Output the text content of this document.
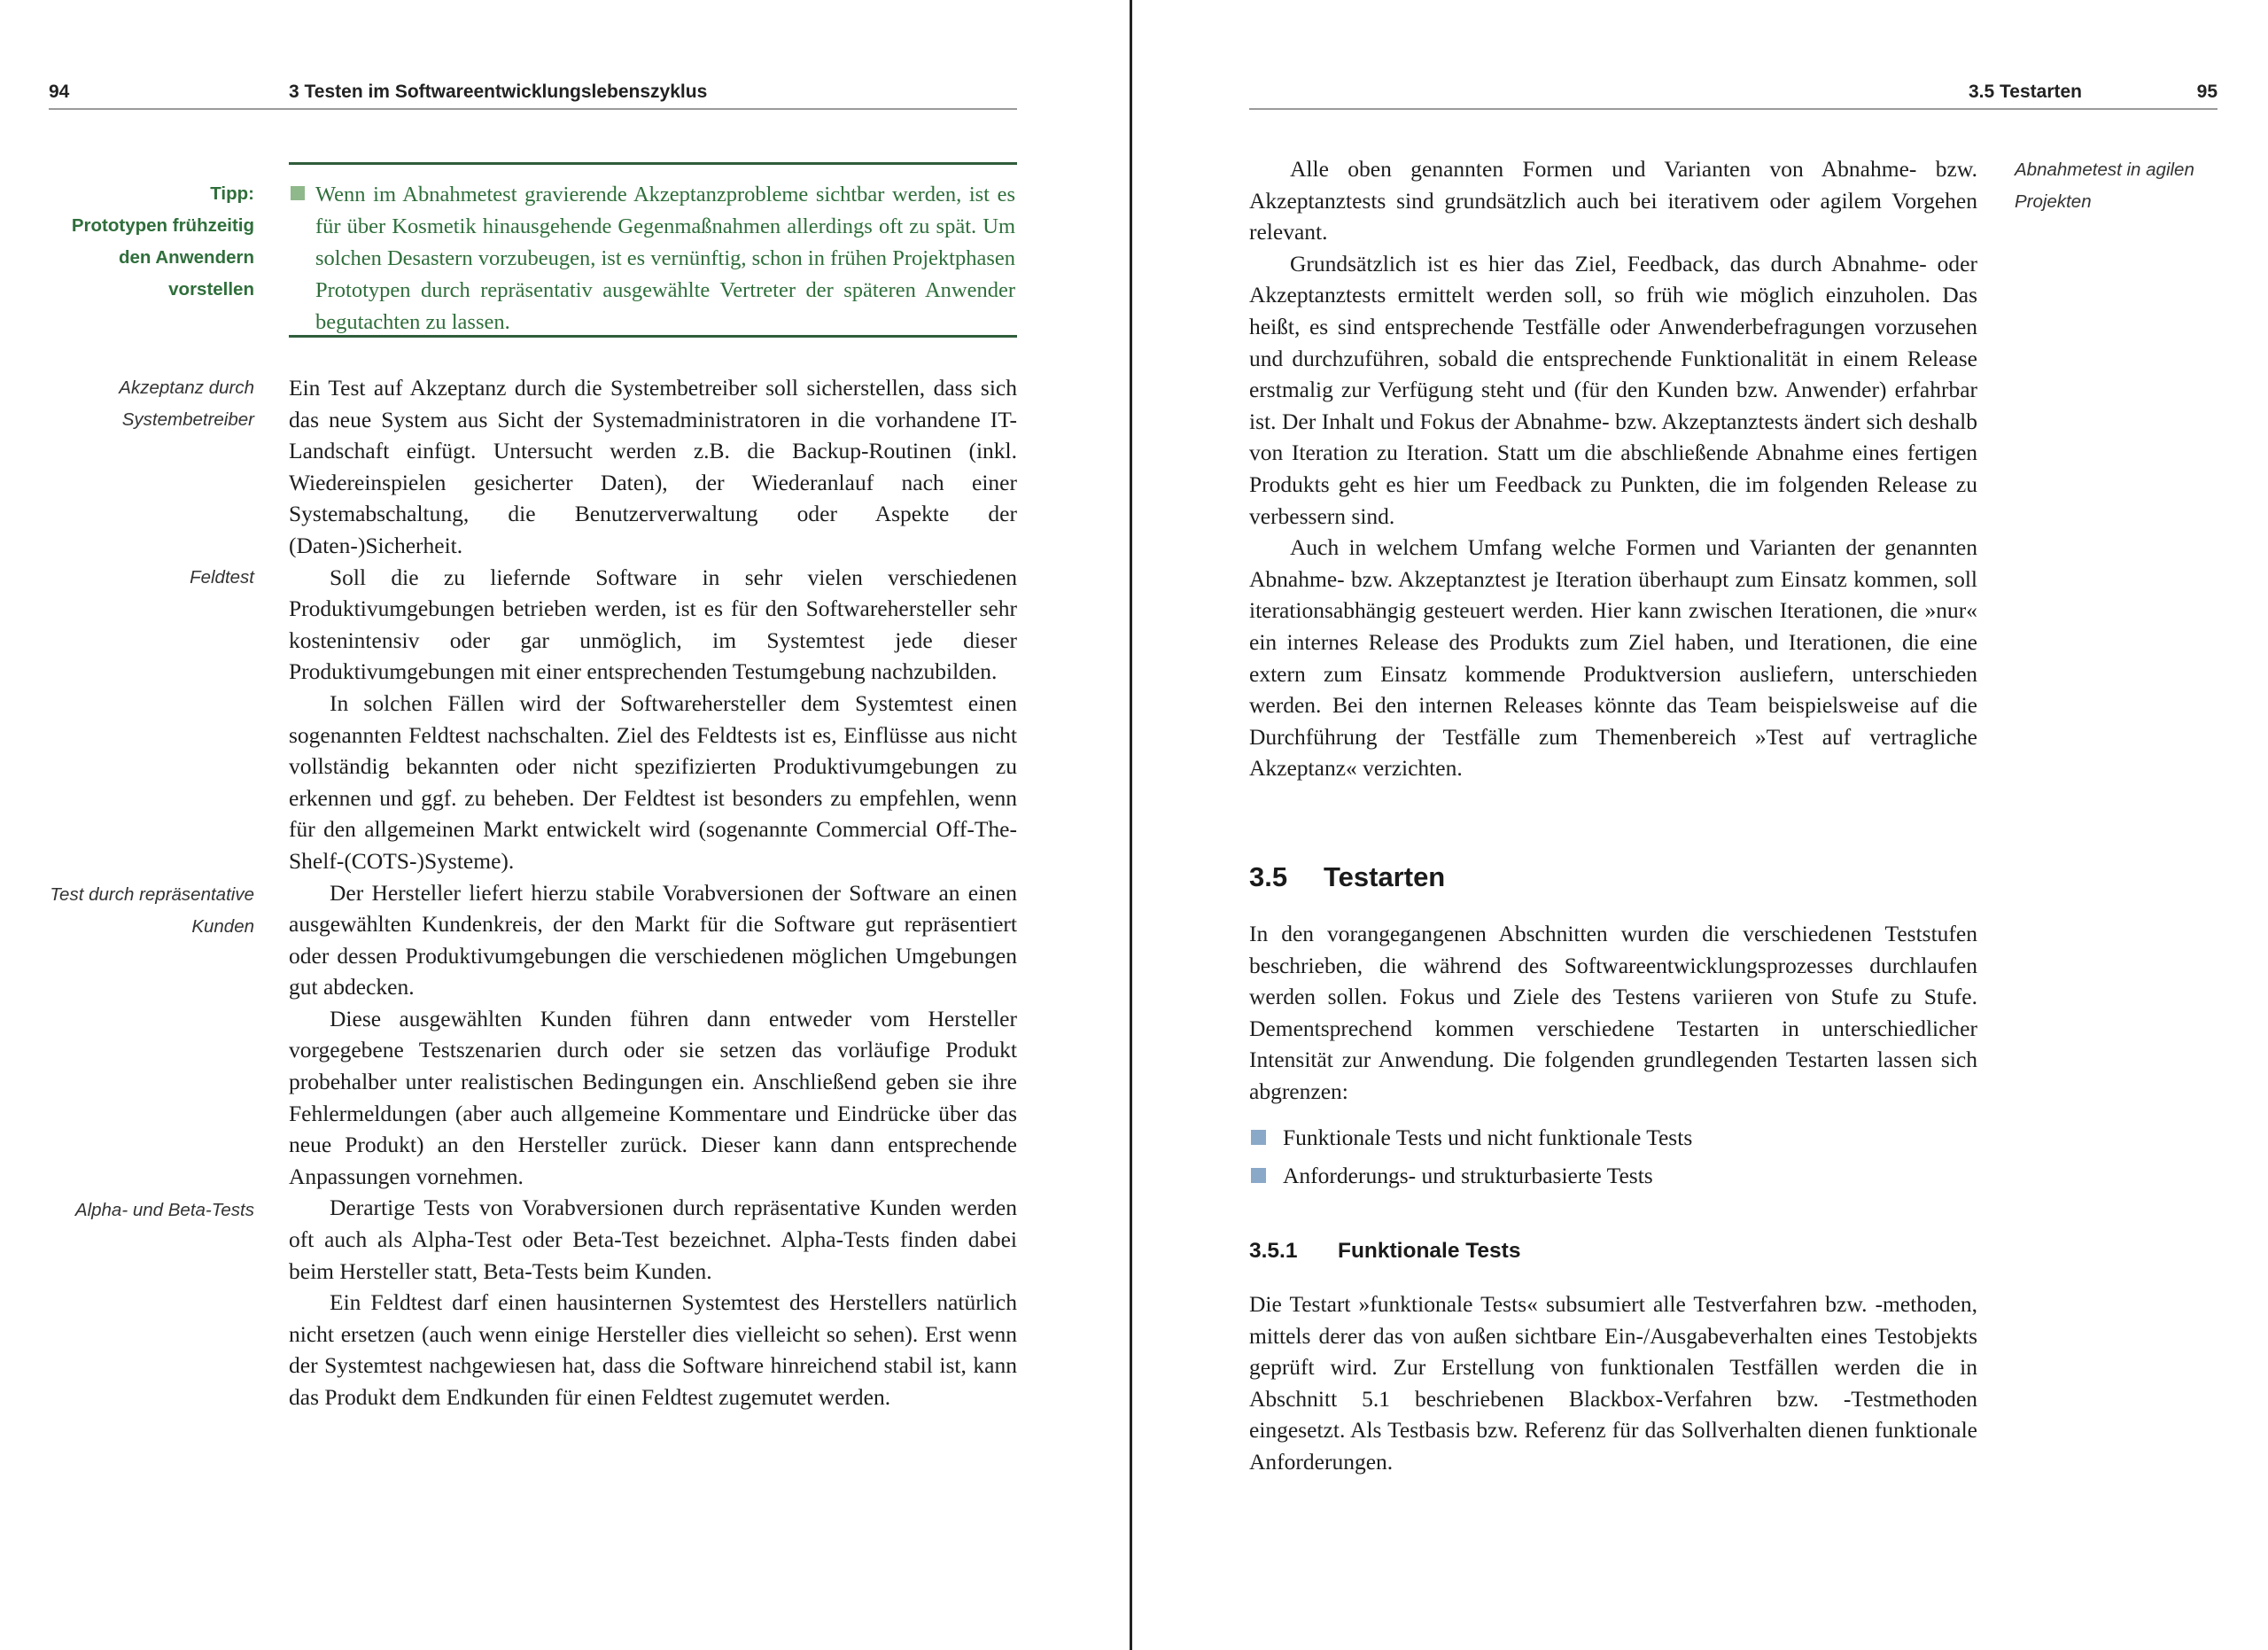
94	3 Testen im Softwareentwicklungslebenszyklus
Tipp:
Prototypen frühzeitig
den Anwendern
vorstellen

Wenn im Abnahmetest gravierende Akzeptanzprobleme sichtbar werden, ist es für über Kosmetik hinausgehende Gegenmaßnahmen allerdings oft zu spät. Um solchen Desastern vorzubeugen, ist es vernünftig, schon in frühen Projektphasen Prototypen durch repräsentativ ausgewählte Vertreter der späteren Anwender begutachten zu lassen.

Akzeptanz durch
Systembetreiber
Feldtest
Test durch repräsentative
Kunden
Alpha- und Beta-Tests

Ein Test auf Akzeptanz durch die Systembetreiber soll sicherstellen, dass sich das neue System aus Sicht der Systemadministratoren in die vorhandene IT-Landschaft einfügt. Untersucht werden z.B. die Backup-Routinen (inkl. Wiedereinspielen gesicherter Daten), der Wiederanlauf nach einer Systemabschaltung, die Benutzerverwaltung oder Aspekte der (Daten-)Sicherheit.

Soll die zu liefernde Software in sehr vielen verschiedenen Produktivumgebungen betrieben werden, ist es für den Softwarehersteller sehr kostenintensiv oder gar unmöglich, im Systemtest jede dieser Produktivumgebungen mit einer entsprechenden Testumgebung nachzubilden.

In solchen Fällen wird der Softwarehersteller dem Systemtest einen sogenannten Feldtest nachschalten. Ziel des Feldtests ist es, Einflüsse aus nicht vollständig bekannten oder nicht spezifizierten Produktivumgebungen zu erkennen und ggf. zu beheben. Der Feldtest ist besonders zu empfehlen, wenn für den allgemeinen Markt entwickelt wird (sogenannte Commercial Off-The-Shelf-(COTS-)Systeme).

Der Hersteller liefert hierzu stabile Vorabversionen der Software an einen ausgewählten Kundenkreis, der den Markt für die Software gut repräsentiert oder dessen Produktivumgebungen die verschiedenen möglichen Umgebungen gut abdecken.

Diese ausgewählten Kunden führen dann entweder vom Hersteller vorgegebene Testszenarien durch oder sie setzen das vorläufige Produkt probehalber unter realistischen Bedingungen ein. Anschließend geben sie ihre Fehlermeldungen (aber auch allgemeine Kommentare und Eindrücke über das neue Produkt) an den Hersteller zurück. Dieser kann dann entsprechende Anpassungen vornehmen.

Derartige Tests von Vorabversionen durch repräsentative Kunden werden oft auch als Alpha-Test oder Beta-Test bezeichnet. Alpha-Tests finden dabei beim Hersteller statt, Beta-Tests beim Kunden.

Ein Feldtest darf einen hausinternen Systemtest des Herstellers natürlich nicht ersetzen (auch wenn einige Hersteller dies vielleicht so sehen). Erst wenn der Systemtest nachgewiesen hat, dass die Software hinreichend stabil ist, kann das Produkt dem Endkunden für einen Feldtest zugemutet werden.

3.5 Testarten	95
Abnahmetest in agilen
Projekten

Alle oben genannten Formen und Varianten von Abnahme- bzw. Akzeptanztests sind grundsätzlich auch bei iterativem oder agilem Vorgehen relevant.

Grundsätzlich ist es hier das Ziel, Feedback, das durch Abnahme- oder Akzeptanztests ermittelt werden soll, so früh wie möglich einzuholen. Das heißt, es sind entsprechende Testfälle oder Anwenderbefragungen vorzusehen und durchzuführen, sobald die entsprechende Funktionalität in einem Release erstmalig zur Verfügung steht und (für den Kunden bzw. Anwender) erfahrbar ist. Der Inhalt und Fokus der Abnahme- bzw. Akzeptanztests ändert sich deshalb von Iteration zu Iteration. Statt um die abschließende Abnahme eines fertigen Produkts geht es hier um Feedback zu Punkten, die im folgenden Release zu verbessern sind.

Auch in welchem Umfang welche Formen und Varianten der genannten Abnahme- bzw. Akzeptanztest je Iteration überhaupt zum Einsatz kommen, soll iterationsabhängig gesteuert werden. Hier kann zwischen Iterationen, die »nur« ein internes Release des Produkts zum Ziel haben, und Iterationen, die eine extern zum Einsatz kommende Produktversion ausliefern, unterschieden werden. Bei den internen Releases könnte das Team beispielsweise auf die Durchführung der Testfälle zum Themenbereich »Test auf vertragliche Akzeptanz« verzichten.

3.5 Testarten

In den vorangegangenen Abschnitten wurden die verschiedenen Teststufen beschrieben, die während des Softwareentwicklungsprozesses durchlaufen werden sollen. Fokus und Ziele des Testens variieren von Stufe zu Stufe. Dementsprechend kommen verschiedene Testarten in unterschiedlicher Intensität zur Anwendung. Die folgenden grundlegenden Testarten lassen sich abgrenzen:

Funktionale Tests und nicht funktionale Tests
Anforderungs- und strukturbasierte Tests
3.5.1 Funktionale Tests

Die Testart »funktionale Tests« subsumiert alle Testverfahren bzw. -methoden, mittels derer das von außen sichtbare Ein-/Ausgabeverhalten eines Testobjekts geprüft wird. Zur Erstellung von funktionalen Testfällen werden die in Abschnitt 5.1 beschriebenen Blackbox-Verfahren bzw. -Testmethoden eingesetzt. Als Testbasis bzw. Referenz für das Sollverhalten dienen funktionale Anforderungen.
